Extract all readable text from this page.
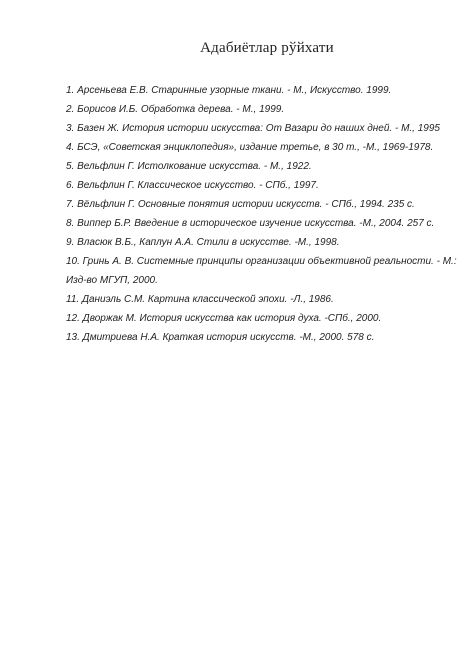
Адабиётлар рўйхати
1. Арсеньева Е.В. Старинные узорные ткани. - М., Искусство. 1999.
2. Борисов И.Б. Обработка дерева. - М., 1999.
3. Базен Ж. История истории искусства: От Вазари до наших дней. - М., 1995
4. БСЭ, «Советская энциклопедия», издание третье, в 30 т., -М., 1969-1978.
5. Вельфлин Г. Истолкование искусства. - М., 1922.
6. Вельфлин Г. Классическое искусство. - СПб., 1997.
7. Вёльфлин Г. Основные понятия истории искусств. - СПб., 1994. 235 с.
8. Виппер Б.Р. Введение в историческое изучение искусства. -М., 2004. 257 с.
9. Власюк В.Б., Каплун А.А. Стили в искусстве. -М., 1998.
10. Гринь А. В. Системные принципы организации объективной реальности. - М.: Изд-во МГУП, 2000.
11. Даниэль С.М. Картина классической эпохи. -Л., 1986.
12. Дворжак М. История искусства как история духа. -СПб., 2000.
13. Дмитриева Н.А. Краткая история искусств. -М., 2000. 578 с.
